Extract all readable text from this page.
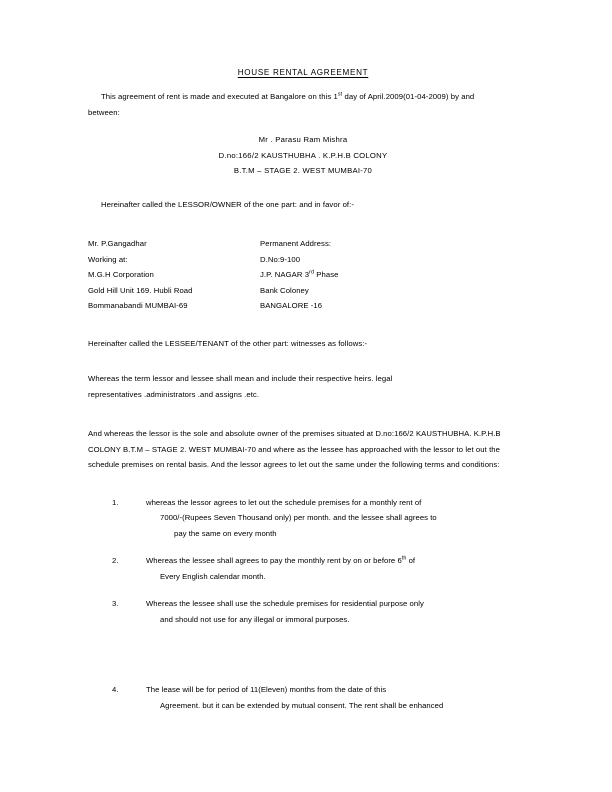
HOUSE RENTAL AGREEMENT

This agreement of rent is made and executed at Bangalore on this 1st day of April.2009(01-04-2009) by and
between:

Mr . Parasu Ram Mishra
D.no:166/2 KAUSTHUBHA . K.P.H.B COLONY
B.T.M – STAGE 2. WEST MUMBAI-70

Hereinafter called the LESSOR/OWNER of the one part: and in favor of:-

Mr. P.Gangadhar	Permanent Address:
Working at:	D.No:9-100
M.G.H Corporation	J.P. NAGAR 3rd Phase
Gold Hill Unit 169. Hubli Road	Bank Coloney
Bommanabandi MUMBAI-69	BANGALORE -16

Hereinafter called the LESSEE/TENANT of the other part: witnesses as follows:-

Whereas the term lessor and lessee shall mean and include their respective heirs. legal
representatives .administrators .and assigns .etc.

And whereas the lessor is the sole and absolute owner of the premises situated at D.no:166/2 KAUSTHUBHA. K.P.H.B
COLONY B.T.M – STAGE 2. WEST MUMBAI-70 and where as the lessee has approached with the lessor to let out the
schedule premises on rental basis. And the lessor agrees to let out the same under the following terms and conditions:

1.	whereas the lessor agrees to let out the schedule premises for a monthly rent of
7000/-(Rupees Seven Thousand only) per month. and the lessee shall agrees to
pay the same on every month
2.	Whereas the lessee shall agrees to pay the monthly rent by on or before 6th of
Every English calendar month.
3.	Whereas the lessee shall use the schedule premises for residential purpose only
and should not use for any illegal or immoral purposes.
4.	The lease will be for period of 11(Eleven) months from the date of this
Agreement. but it can be extended by mutual consent. The rent shall be enhanced
